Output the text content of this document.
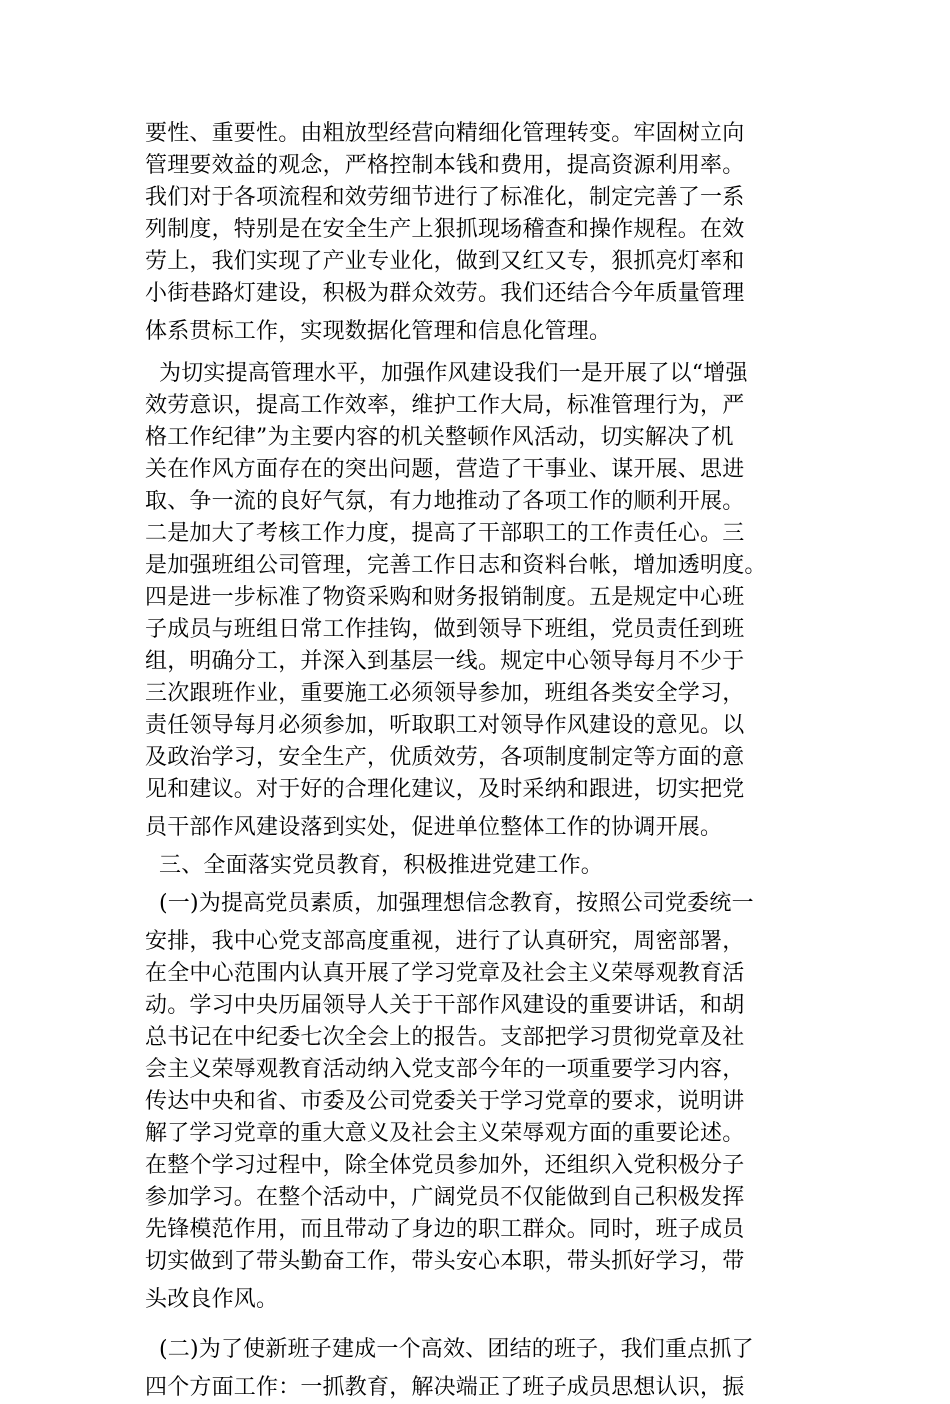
要性、重要性。由粗放型经营向精细化管理转变。牢固树立向
管理要效益的观念，严格控制本钱和费用，提高资源利用率。
我们对于各项流程和效劳细节进行了标准化，制定完善了一系
列制度，特别是在安全生产上狠抓现场稽查和操作规程。在效
劳上，我们实现了产业专业化，做到又红又专，狠抓亮灯率和
小街巷路灯建设，积极为群众效劳。我们还结合今年质量管理
体系贯标工作，实现数据化管理和信息化管理。
为切实提高管理水平，加强作风建设我们一是开展了以“增强
效劳意识，提高工作效率，维护工作大局，标准管理行为，严
格工作纪律”为主要内容的机关整顿作风活动，切实解决了机
关在作风方面存在的突出问题，营造了干事业、谋开展、思进
取、争一流的良好气氛，有力地推动了各项工作的顺利开展。
二是加大了考核工作力度，提高了干部职工的工作责任心。三
是加强班组公司管理，完善工作日志和资料台帐，增加透明度。
四是进一步标准了物资采购和财务报销制度。五是规定中心班
子成员与班组日常工作挂钩，做到领导下班组，党员责任到班
组，明确分工，并深入到基层一线。规定中心领导每月不少于
三次跟班作业，重要施工必须领导参加，班组各类安全学习，
责任领导每月必须参加，听取职工对领导作风建设的意见。以
及政治学习，安全生产，优质效劳，各项制度制定等方面的意
见和建议。对于好的合理化建议，及时采纳和跟进，切实把党
员干部作风建设落到实处，促进单位整体工作的协调开展。
三、全面落实党员教育，积极推进党建工作。
(一)为提高党员素质，加强理想信念教育，按照公司党委统一
安排，我中心党支部高度重视，进行了认真研究，周密部署，
在全中心范围内认真开展了学习党章及社会主义荣辱观教育活
动。学习中央历届领导人关于干部作风建设的重要讲话，和胡
总书记在中纪委七次全会上的报告。支部把学习贯彻党章及社
会主义荣辱观教育活动纳入党支部今年的一项重要学习内容，
传达中央和省、市委及公司党委关于学习党章的要求，说明讲
解了学习党章的重大意义及社会主义荣辱观方面的重要论述。
在整个学习过程中，除全体党员参加外，还组织入党积极分子
参加学习。在整个活动中，广阔党员不仅能做到自己积极发挥
先锋模范作用，而且带动了身边的职工群众。同时，班子成员
切实做到了带头勤奋工作，带头安心本职，带头抓好学习，带
头改良作风。
(二)为了使新班子建成一个高效、团结的班子，我们重点抓了
四个方面工作：一抓教育，解决端正了班子成员思想认识，振
